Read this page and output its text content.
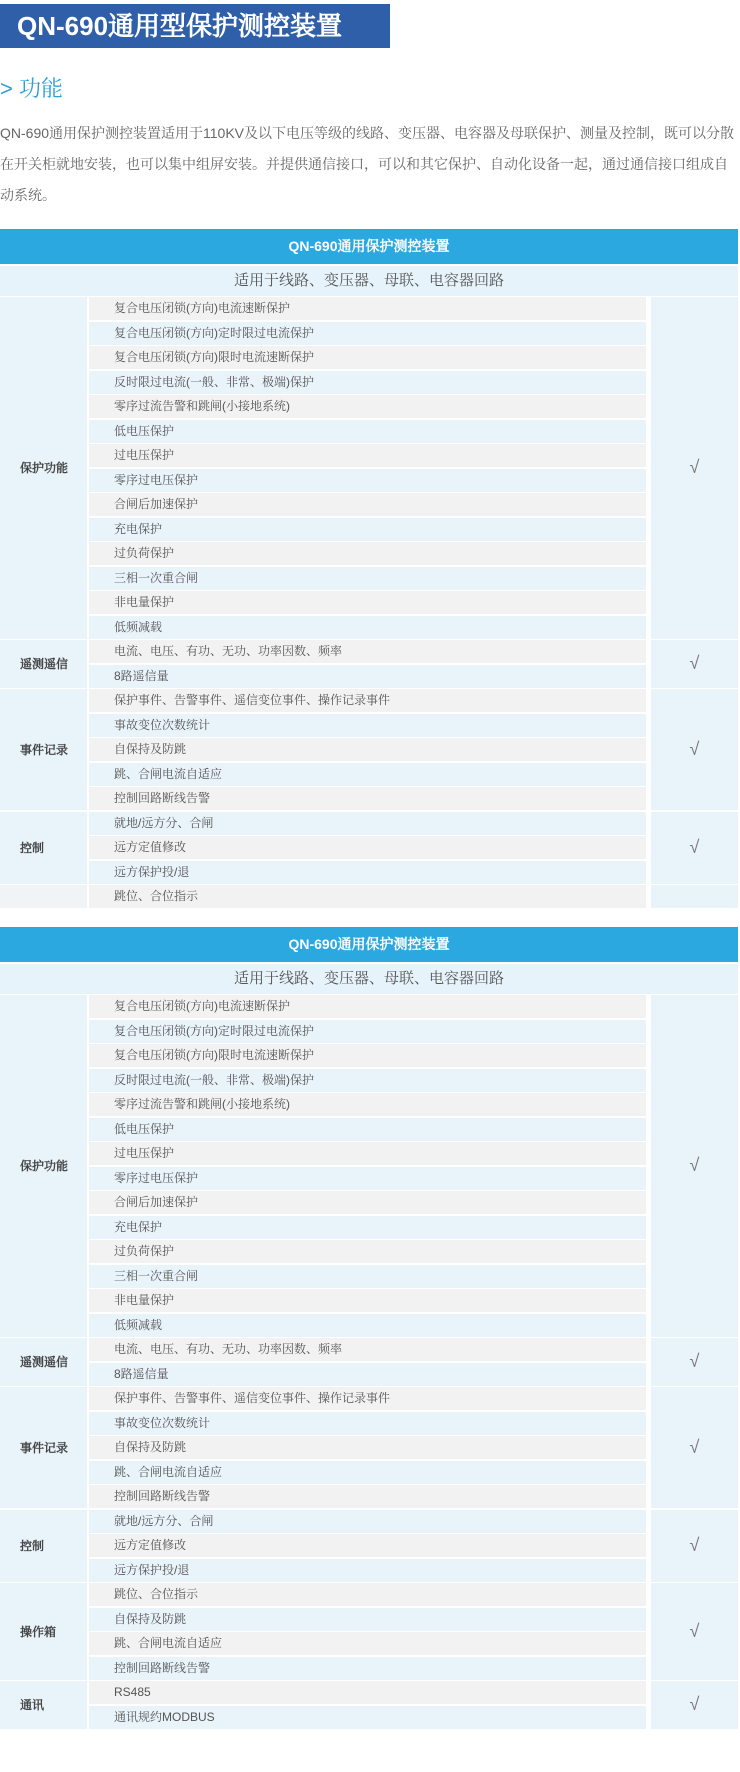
QN-690通用型保护测控装置
> 功能

QN-690通用保护测控装置适用于110KV及以下电压等级的线路、变压器、电容器及母联保护、测量及控制，既可以分散在开关柜就地安装，也可以集中组屏安装。并提供通信接口，可以和其它保护、自动化设备一起，通过通信接口组成自动系统。

QN-690通用保护测控装置
适用于线路、变压器、母联、电容器回路
保护功能
复合电压闭锁(方向)电流速断保护
复合电压闭锁(方向)定时限过电流保护
复合电压闭锁(方向)限时电流速断保护
反时限过电流(一般、非常、极端)保护
零序过流告警和跳闸(小接地系统)
低电压保护
过电压保护
零序过电压保护
合闸后加速保护
充电保护
过负荷保护
三相一次重合闸
非电量保护
低频减载
√
遥测遥信
电流、电压、有功、无功、功率因数、频率
8路遥信量
√
事件记录
保护事件、告警事件、遥信变位事件、操作记录事件
事故变位次数统计
自保持及防跳
跳、合闸电流自适应
控制回路断线告警
√
控制
就地/远方分、合闸
远方定值修改
远方保护投/退
√
跳位、合位指示
QN-690通用保护测控装置
适用于线路、变压器、母联、电容器回路
保护功能
复合电压闭锁(方向)电流速断保护
复合电压闭锁(方向)定时限过电流保护
复合电压闭锁(方向)限时电流速断保护
反时限过电流(一般、非常、极端)保护
零序过流告警和跳闸(小接地系统)
低电压保护
过电压保护
零序过电压保护
合闸后加速保护
充电保护
过负荷保护
三相一次重合闸
非电量保护
低频减载
√
遥测遥信
电流、电压、有功、无功、功率因数、频率
8路遥信量
√
事件记录
保护事件、告警事件、遥信变位事件、操作记录事件
事故变位次数统计
自保持及防跳
跳、合闸电流自适应
控制回路断线告警
√
控制
就地/远方分、合闸
远方定值修改
远方保护投/退
√
操作箱
跳位、合位指示
自保持及防跳
跳、合闸电流自适应
控制回路断线告警
√
通讯
RS485
通讯规约MODBUS
√
